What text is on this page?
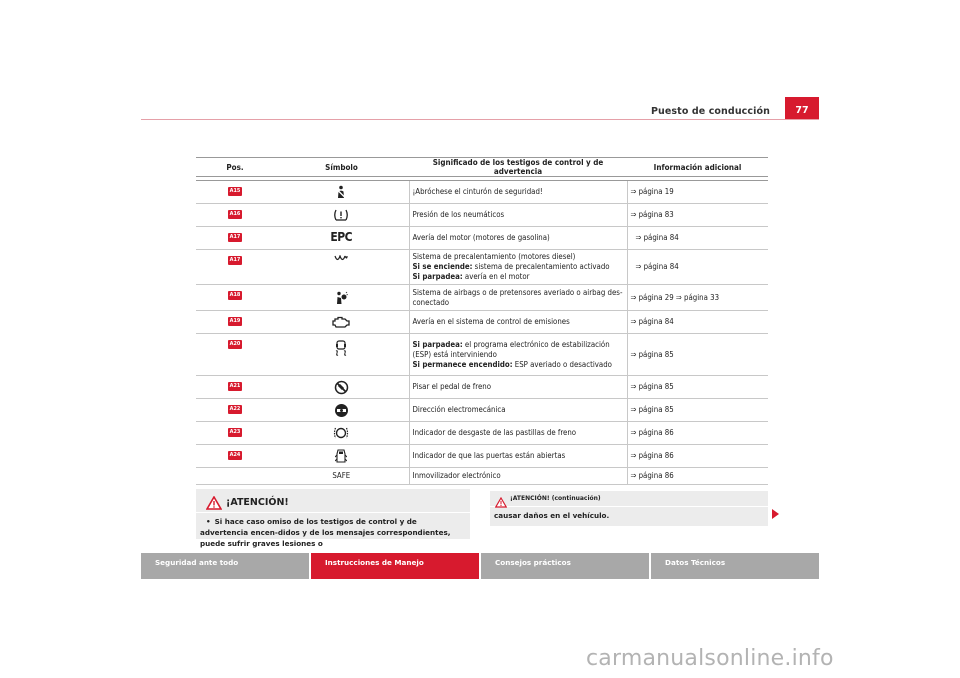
Puesto de conducción	77
Pos.	Símbolo	Significado de los testigos de control y de advertencia	Información adicional

A15		¡Abróchese el cinturón de seguridad!	⇒ página 19
A16		Presión de los neumáticos	⇒ página 83
A17	EPC	Avería del motor (motores de gasolina)	⇒ página 84
A17		Sistema de precalentamiento (motores diesel)
Si se enciende: sistema de precalentamiento activado
Si parpadea: avería en el motor	⇒ página 84
A18		Sistema de airbags o de pretensores averiado o airbag des-conectado	⇒ página 29 ⇒ página 33
A19		Avería en el sistema de control de emisiones	⇒ página 84
A20		Si parpadea: el programa electrónico de estabilización (ESP) está interviniendo
Si permanece encendido: ESP averiado o desactivado	⇒ página 85
A21		Pisar el pedal de freno	⇒ página 85
A22		Dirección electromecánica	⇒ página 85
A23		Indicador de desgaste de las pastillas de freno	⇒ página 86
A24		Indicador de que las puertas están abiertas	⇒ página 86
	SAFE	Inmovilizador electrónico	⇒ página 86
¡ATENCIÓN!
• Si hace caso omiso de los testigos de control y de advertencia encen-didos y de los mensajes correspondientes, puede sufrir graves lesiones o
¡ATENCIÓN! (continuación)
causar daños en el vehículo.
Seguridad ante todo	Instrucciones de Manejo	Consejos prácticos	Datos Técnicos
carmanualsonline.info
